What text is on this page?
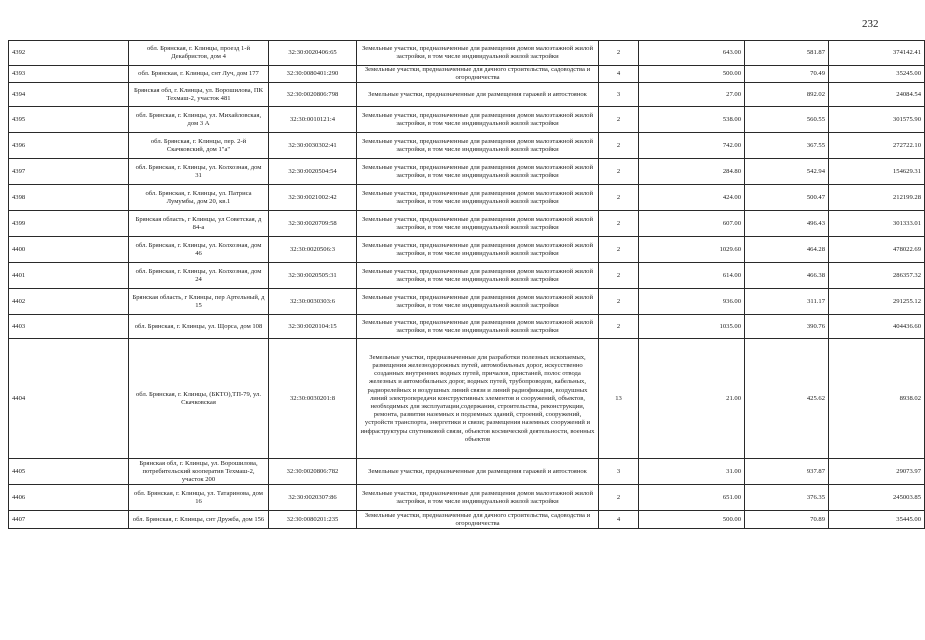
232
4392	обл. Брянская, г. Клинцы, проезд 1-й Декабристов, дом 4	32:30:0020406:65	Земельные участки, предназначенные для размещения домов малоэтажной жилой застройки, в том числе индивидуальной жилой застройки	2	643.00	581.87	374142.41
4393	обл. Брянская, г. Клинцы, снт Луч, дом 177	32:30:0080401:290	Земельные участки, предназначенные для дачного строительства, садоводства и огородничества	4	500.00	70.49	35245.00
4394	Брянская обл, г. Клинцы, ул. Ворошилова, ПК Техмаш-2, участок 481	32:30:0020806:798	Земельные участки, предназначенные для размещения гаражей и автостоянок	3	27.00	892.02	24084.54
4395	обл. Брянская, г. Клинцы, ул. Михайловская, дом 3 А	32:30:0010121:4	Земельные участки, предназначенные для размещения домов малоэтажной жилой застройки, в том числе индивидуальной жилой застройки	2	538.00	560.55	301575.90
4396	обл. Брянская, г. Клинцы, пер. 2-й Скачковский, дом 1"а"	32:30:0030302:41	Земельные участки, предназначенные для размещения домов малоэтажной жилой застройки, в том числе индивидуальной жилой застройки	2	742.00	367.55	272722.10
4397	обл. Брянская, г. Клинцы, ул. Колхозная, дом 31	32:30:0020504:54	Земельные участки, предназначенные для размещения домов малоэтажной жилой застройки, в том числе индивидуальной жилой застройки	2	284.80	542.94	154629.31
4398	обл. Брянская, г. Клинцы, ул. Патриса Лумумбы, дом 20, кв.1	32:30:0021002:42	Земельные участки, предназначенные для размещения домов малоэтажной жилой застройки, в том числе индивидуальной жилой застройки	2	424.00	500.47	212199.28
4399	Брянская область, г Клинцы, ул Советская, д 84-а	32:30:0020709:58	Земельные участки, предназначенные для размещения домов малоэтажной жилой застройки, в том числе индивидуальной жилой застройки	2	607.00	496.43	301333.01
4400	обл. Брянская, г. Клинцы, ул. Колхозная, дом 46	32:30:0020506:3	Земельные участки, предназначенные для размещения домов малоэтажной жилой застройки, в том числе индивидуальной жилой застройки	2	1029.60	464.28	478022.69
4401	обл. Брянская, г. Клинцы, ул. Колхозная, дом 24	32:30:0020505:31	Земельные участки, предназначенные для размещения домов малоэтажной жилой застройки, в том числе индивидуальной жилой застройки	2	614.00	466.38	286357.32
4402	Брянская область, г Клинцы, пер Артельный, д 15	32:30:0030303:6	Земельные участки, предназначенные для размещения домов малоэтажной жилой застройки, в том числе индивидуальной жилой застройки	2	936.00	311.17	291255.12
4403	обл. Брянская, г. Клинцы, ул. Щорса, дом 108	32:30:0020104:15	Земельные участки, предназначенные для размещения домов малоэтажной жилой застройки, в том числе индивидуальной жилой застройки	2	1035.00	390.76	404436.60
4404	обл. Брянская, г. Клинцы, (БКТО),ТП-79, ул. Скачковская	32:30:0030201:8	Земельные участки, предназначенные для разработки полезных ископаемых, размещения железнодорожных путей, автомобильных дорог, искусственно созданных внутренних водных путей, причалов, пристаней, полос отвода железных и автомобильных дорог, водных путей, трубопроводов, кабельных, радиорелейных и воздушных линий связи и линий радиофикации, воздушных линий электропередачи конструктивных элементов и сооружений, объектов, необходимых для эксплуатации,содержания, строительства, реконструкции, ремонта, развития наземных и подземных зданий, строений, сооружений, устройств транспорта, энергетики и связи; размещения наземных сооружений и инфраструктуры спутниковой связи, объектов космической деятельности, военных объектов	13	21.00	425.62	8938.02
4405	Брянская обл, г. Клинцы, ул. Ворошилова, потребительский кооператив Техмаш-2, участок 200	32:30:0020806:782	Земельные участки, предназначенные для размещения гаражей и автостоянок	3	31.00	937.87	29073.97
4406	обл. Брянская, г. Клинцы, ул. Татаринова, дом 16	32:30:0020307:86	Земельные участки, предназначенные для размещения домов малоэтажной жилой застройки, в том числе индивидуальной жилой застройки	2	651.00	376.35	245003.85
4407	обл. Брянская, г. Клинцы, снт Дружба, дом 156	32:30:0080201:235	Земельные участки, предназначенные для дачного строительства, садоводства и огородничества	4	500.00	70.89	35445.00
